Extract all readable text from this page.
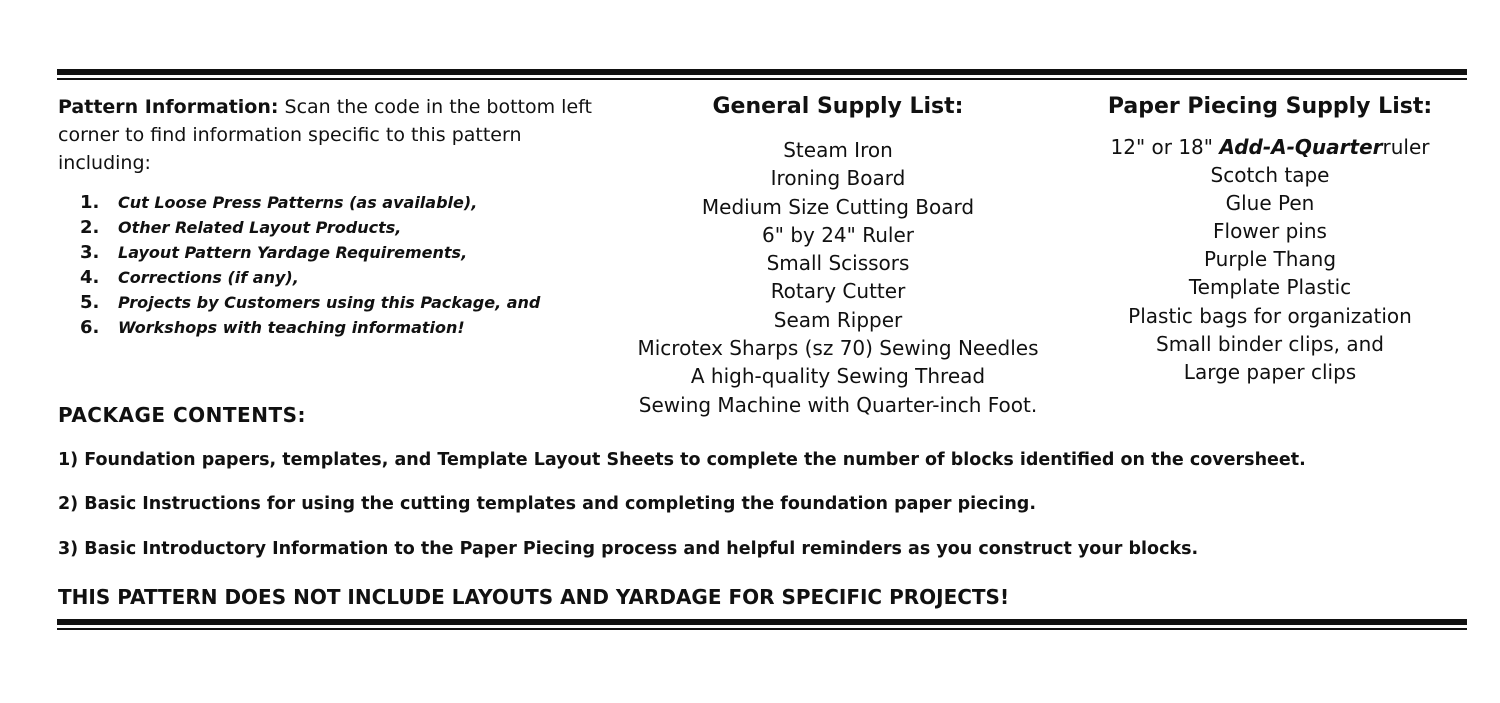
Pattern Information: Scan the code in the bottom left corner to find information specific to this pattern including:
1.	Cut Loose Press Patterns (as available),
2.	Other Related Layout Products,
3.	Layout Pattern Yardage Requirements,
4.	Corrections (if any),
5.	Projects by Customers using this Package, and
6.	Workshops with teaching information!
General Supply List:
Steam Iron
Ironing Board
Medium Size Cutting Board
6" by 24" Ruler
Small Scissors
Rotary Cutter
Seam Ripper
Microtex Sharps (sz 70) Sewing Needles
A high-quality Sewing Thread
Sewing Machine with Quarter-inch Foot.
Paper Piecing Supply List:
12" or 18" Add-A-Quarterruler
Scotch tape
Glue Pen
Flower pins
Purple Thang
Template Plastic
Plastic bags for organization
Small binder clips, and
Large paper clips
PACKAGE CONTENTS:
1) Foundation papers, templates, and Template Layout Sheets to complete the number of blocks identified on the coversheet.
2) Basic Instructions for using the cutting templates and completing the foundation paper piecing.
3) Basic Introductory Information to the Paper Piecing process and helpful reminders as you construct your blocks.
THIS PATTERN DOES NOT INCLUDE LAYOUTS AND YARDAGE FOR SPECIFIC PROJECTS!
